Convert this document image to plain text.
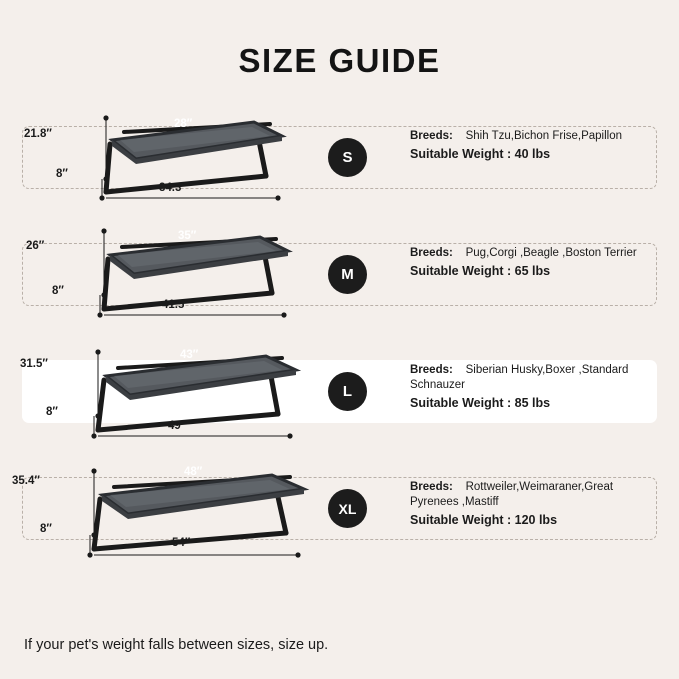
SIZE GUIDE
21.8″
8″
28″
34.3″
S
Breeds: Shih Tzu,Bichon Frise,Papillon
Suitable Weight : 40 lbs
26″
8″
35″
41.5″
M
Breeds: Pug,Corgi ,Beagle ,Boston Terrier
Suitable Weight : 65 lbs
31.5″
8″
43″
49″
L
Breeds: Siberian Husky,Boxer ,Standard Schnauzer
Suitable Weight : 85 lbs
35.4″
8″
48″
54″
XL
Breeds: Rottweiler,Weimaraner,Great Pyrenees ,Mastiff
Suitable Weight : 120 lbs
If your pet's weight falls between sizes, size up.
